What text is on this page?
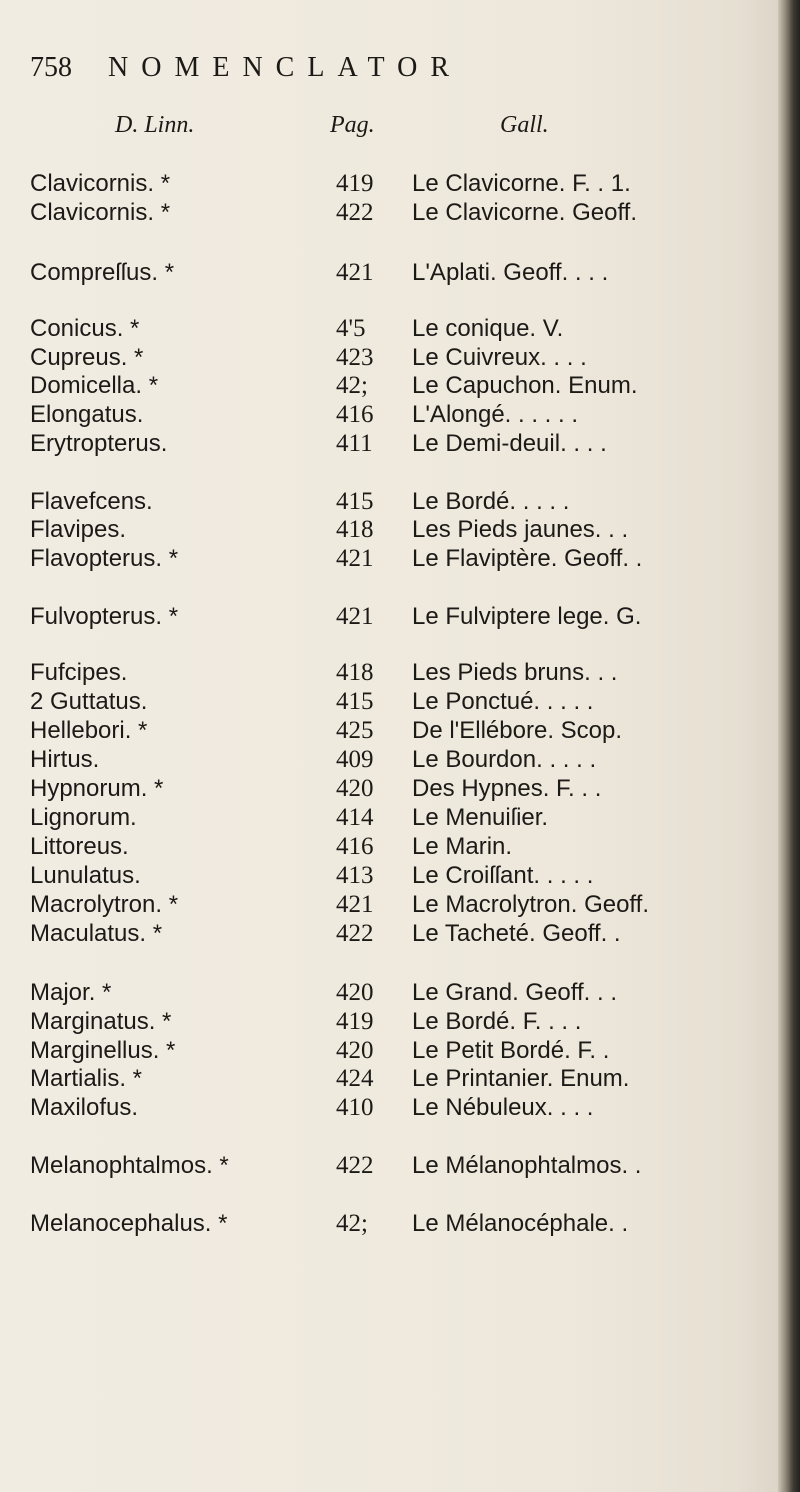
758 NOMENCLATOR
D. Linn.	Pag.	Gall.
Clavicornis. *	419 Le Clavicorne. F. . 1.
Clavicornis. *	422 Le Clavicorne. Geoff.
Compreſſus. *	421 L'Aplati. Geoff. . . .
Conicus. *	4'5 Le conique. V.
Cupreus. *	423 Le Cuivreux. . . .
Domicella. *	42; Le Capuchon. Enum.
Elongatus.	416 L'Alongé. . . . . .
Erytropterus.	411 Le Demi-deuil. . . .
Flavefcens.	415 Le Bordé. . . . .
Flavipes.	418 Les Pieds jaunes. . .
Flavopterus. *	421 Le Flaviptère. Geoff. .
Fulvopterus. *	421 Le Fulviptere lege. G.
Fufcipes.	418 Les Pieds bruns. . .
2 Guttatus.	415 Le Ponctué. . . . .
Hellebori. *	425 De l'Ellébore. Scop.
Hirtus.	409 Le Bourdon. . . . .
Hypnorum. *	420 Des Hypnes. F. . .
Lignorum.	414 Le Menuiſier.
Littoreus.	416 Le Marin.
Lunulatus.	413 Le Croiſſant. . . . .
Macrolytron. *	421 Le Macrolytron. Geoff.
Maculatus. *	422 Le Tacheté. Geoff. .
Major. *	420 Le Grand. Geoff. . .
Marginatus. *	419 Le Bordé. F. . . .
Marginellus. *	420 Le Petit Bordé. F. .
Martialis. *	424 Le Printanier. Enum.
Maxilofus.	410 Le Nébuleux. . . .
Melanophtalmos. *	422 Le Mélanophtalmos. .
Melanocephalus. *	42; Le Mélanocéphale. .
